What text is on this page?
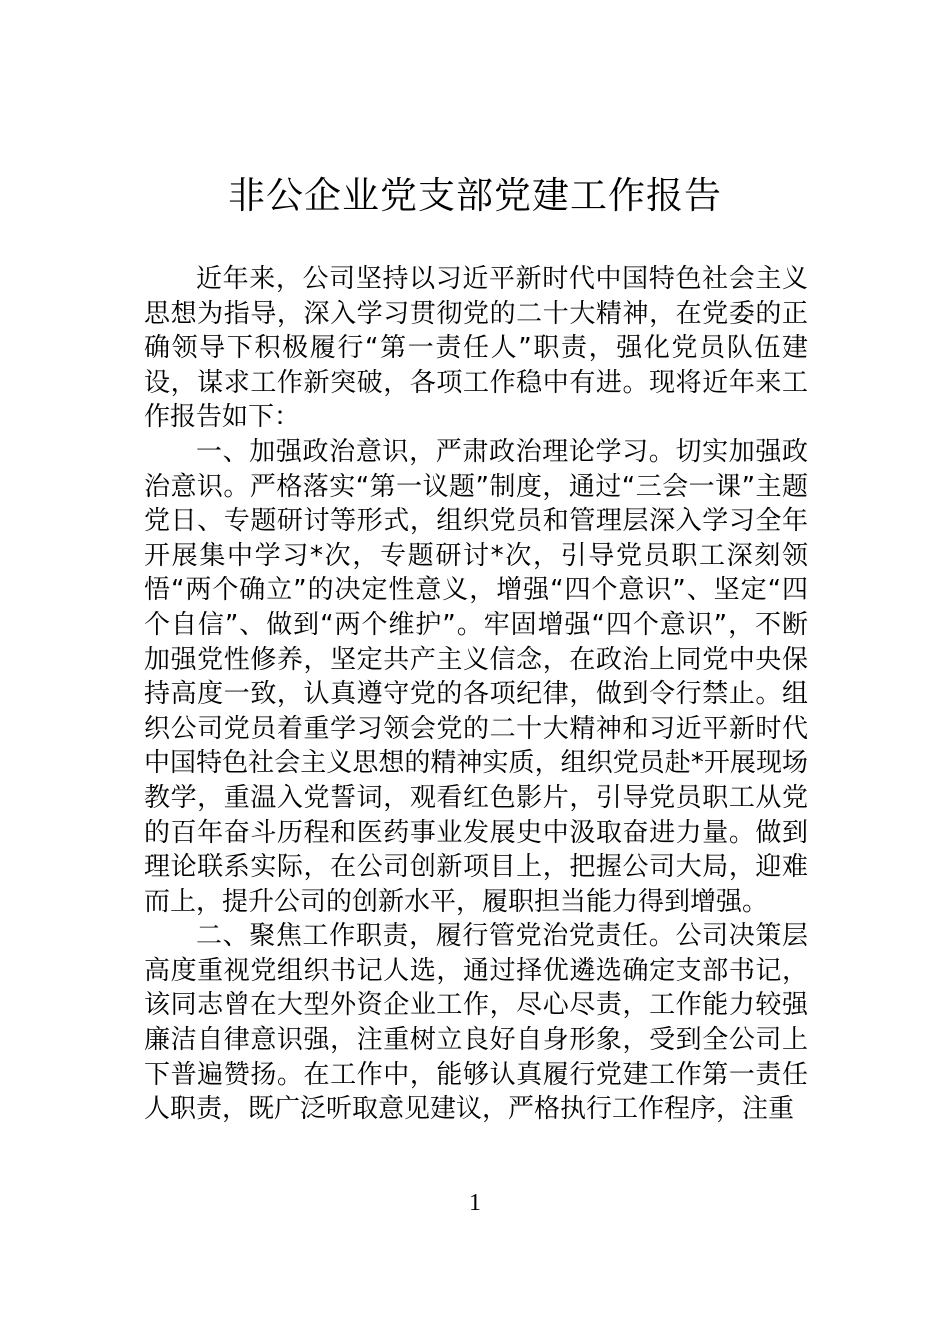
非公企业党支部党建工作报告

近年来，公司坚持以习近平新时代中国特色社会主义思想为指导，深入学习贯彻党的二十大精神，在党委的正确领导下积极履行“第一责任人”职责，强化党员队伍建设，谋求工作新突破，各项工作稳中有进。现将近年来工作报告如下：

一、加强政治意识，严肃政治理论学习。切实加强政治意识。严格落实“第一议题”制度，通过“三会一课”主题党日、专题研讨等形式，组织党员和管理层深入学习全年开展集中学习*次，专题研讨*次，引导党员职工深刻领悟“两个确立”的决定性意义，增强“四个意识”、坚定“四个自信”、做到“两个维护”。牢固增强“四个意识”，不断加强党性修养，坚定共产主义信念，在政治上同党中央保持高度一致，认真遵守党的各项纪律，做到令行禁止。组织公司党员着重学习领会党的二十大精神和习近平新时代中国特色社会主义思想的精神实质，组织党员赴*开展现场教学，重温入党誓词，观看红色影片，引导党员职工从党的百年奋斗历程和医药事业发展史中汲取奋进力量。做到理论联系实际，在公司创新项目上，把握公司大局，迎难而上，提升公司的创新水平，履职担当能力得到增强。

二、聚焦工作职责，履行管党治党责任。公司决策层高度重视党组织书记人选，通过择优遴选确定支部书记，该同志曾在大型外资企业工作，尽心尽责，工作能力较强廉洁自律意识强，注重树立良好自身形象，受到全公司上下普遍赞扬。在工作中，能够认真履行党建工作第一责任人职责，既广泛听取意见建议，严格执行工作程序，注重

1
